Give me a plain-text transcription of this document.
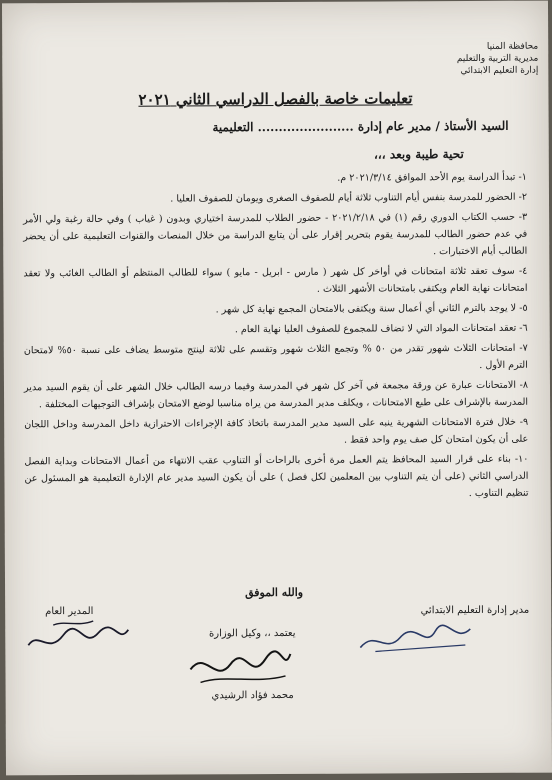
محافظة المنيا
مديرية التربية والتعليم
إدارة التعليم الابتدائي
تعليمات خاصة بالفصل الدراسي الثاني ٢٠٢١
السيد الأستاذ / مدير عام إدارة ....................... التعليمية
تحية طيبة وبعد ،،،

١- تبدأ الدراسة يوم الأحد الموافق ٢٠٢١/٣/١٤ م.

٢- الحضور للمدرسة بنفس أيام التناوب ثلاثة أيام للصفوف الصغرى ويومان للصفوف العليا .

٣- حسب الكتاب الدوري رقم (١) في ٢٠٢١/٢/١٨ - حضور الطلاب للمدرسة اختياري وبدون ( غياب ) وفي حالة رغبة ولي الأمر في عدم حضور الطالب للمدرسة يقوم بتحرير إقرار على أن يتابع الدراسة من خلال المنصات والقنوات التعليمية على أن يحضر الطالب أيام الاختبارات .

٤- سوف تعقد ثلاثة امتحانات في أواخر كل شهر ( مارس - ابريل - مايو ) سواء للطالب المنتظم أو الطالب الغائب ولا تعقد امتحانات نهاية العام ويكتفى بامتحانات الأشهر الثلاث .

٥- لا يوجد بالترم الثاني أي أعمال سنة ويكتفى بالامتحان المجمع نهاية كل شهر .

٦- تعقد امتحانات المواد التي لا تضاف للمجموع للصفوف العليا نهاية العام .

٧- امتحانات الثلاث شهور تقدر من ٥٠ % وتجمع الثلاث شهور وتقسم على ثلاثة لينتج متوسط يضاف على نسبة ٥٠% لامتحان الترم الأول .

٨- الامتحانات عبارة عن ورقة مجمعة في آخر كل شهر في المدرسة وفيما درسه الطالب خلال الشهر على أن يقوم السيد مدير المدرسة بالإشراف على طبع الامتحانات ، ويكلف مدير المدرسة من يراه مناسبا لوضع الامتحان بإشراف التوجيهات المختلفة .

٩- خلال فترة الامتحانات الشهرية ينبه على السيد مدير المدرسة باتخاذ كافة الإجراءات الاحترازية داخل المدرسة وداخل اللجان على أن يكون امتحان كل صف يوم واحد فقط .

١٠- بناء على قرار السيد المحافظ يتم العمل مرة أخرى بالراحات أو التناوب عقب الانتهاء من أعمال الامتحانات وبداية الفصل الدراسي الثاني (على أن يتم التناوب بين المعلمين لكل فصل ) على أن يكون السيد مدير عام الإدارة التعليمية هو المسئول عن تنظيم التناوب .

والله الموفق
مدير إدارة التعليم الابتدائي
المدير العام
يعتمد ،، وكيل الوزارة
محمد فؤاد الرشيدي
